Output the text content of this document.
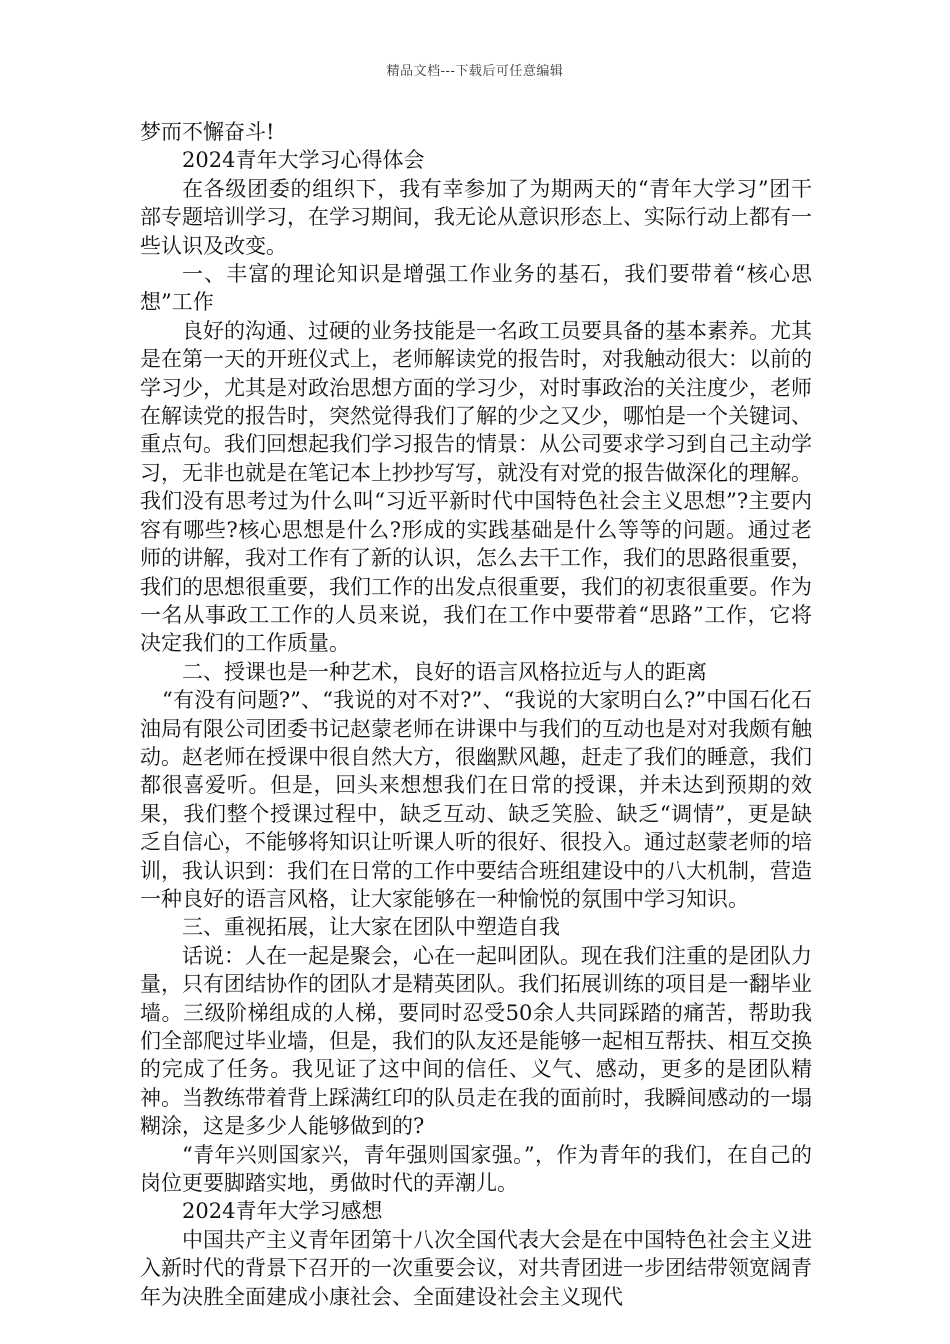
精品文档---下载后可任意编辑

梦而不懈奋斗!

2024青年大学习心得体会

在各级团委的组织下，我有幸参加了为期两天的“青年大学习”团干部专题培训学习，在学习期间，我无论从意识形态上、实际行动上都有一些认识及改变。

一、丰富的理论知识是增强工作业务的基石，我们要带着“核心思想”工作

良好的沟通、过硬的业务技能是一名政工员要具备的基本素养。尤其是在第一天的开班仪式上，老师解读党的报告时，对我触动很大：以前的学习少，尤其是对政治思想方面的学习少，对时事政治的关注度少，老师在解读党的报告时，突然觉得我们了解的少之又少，哪怕是一个关键词、重点句。我们回想起我们学习报告的情景：从公司要求学习到自己主动学习，无非也就是在笔记本上抄抄写写，就没有对党的报告做深化的理解。我们没有思考过为什么叫“习近平新时代中国特色社会主义思想”?主要内容有哪些?核心思想是什么?形成的实践基础是什么等等的问题。通过老师的讲解，我对工作有了新的认识，怎么去干工作，我们的思路很重要，我们的思想很重要，我们工作的出发点很重要，我们的初衷很重要。作为一名从事政工工作的人员来说，我们在工作中要带着“思路”工作，它将决定我们的工作质量。

二、授课也是一种艺术，良好的语言风格拉近与人的距离

“有没有问题?”、“我说的对不对?”、“我说的大家明白么?”中国石化石油局有限公司团委书记赵蒙老师在讲课中与我们的互动也是对对我颇有触动。赵老师在授课中很自然大方，很幽默风趣，赶走了我们的睡意，我们都很喜爱听。但是，回头来想想我们在日常的授课，并未达到预期的效果，我们整个授课过程中，缺乏互动、缺乏笑脸、缺乏“调情”，更是缺乏自信心，不能够将知识让听课人听的很好、很投入。通过赵蒙老师的培训，我认识到：我们在日常的工作中要结合班组建设中的八大机制，营造一种良好的语言风格，让大家能够在一种愉悦的氛围中学习知识。

三、重视拓展，让大家在团队中塑造自我

话说：人在一起是聚会，心在一起叫团队。现在我们注重的是团队力量，只有团结协作的团队才是精英团队。我们拓展训练的项目是一翻毕业墙。三级阶梯组成的人梯，要同时忍受50余人共同踩踏的痛苦，帮助我们全部爬过毕业墙，但是，我们的队友还是能够一起相互帮扶、相互交换的完成了任务。我见证了这中间的信任、义气、感动，更多的是团队精神。当教练带着背上踩满红印的队员走在我的面前时，我瞬间感动的一塌糊涂，这是多少人能够做到的?

“青年兴则国家兴，青年强则国家强。”，作为青年的我们，在自己的岗位更要脚踏实地，勇做时代的弄潮儿。

2024青年大学习感想

中国共产主义青年团第十八次全国代表大会是在中国特色社会主义进入新时代的背景下召开的一次重要会议，对共青团进一步团结带领宽阔青年为决胜全面建成小康社会、全面建设社会主义现代
